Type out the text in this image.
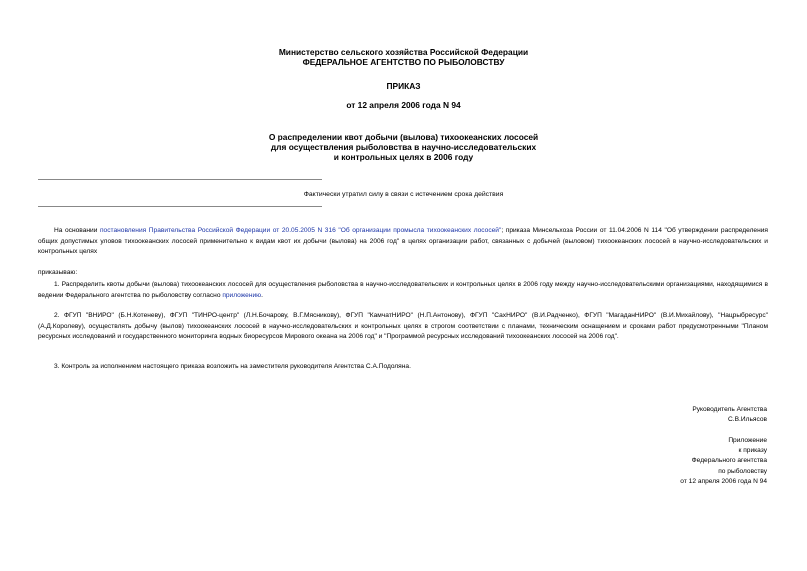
Министерство сельского хозяйства Российской Федерации
ФЕДЕРАЛЬНОЕ АГЕНТСТВО ПО РЫБОЛОВСТВУ
ПРИКАЗ
от 12 апреля 2006 года N 94
О распределении квот добычи (вылова) тихоокеанских лососей
для осуществления рыболовства в научно-исследовательских
и контрольных целях в 2006 году
Фактически утратил силу в связи с истечением срока действия
На основании постановления Правительства Российской Федерации от 20.05.2005 N 316 "Об организации промысла тихоокеанских лососей"; приказа Минсельхоза России от 11.04.2006 N 114 "Об утверждении распределения общих допустимых уловов тихоокеанских лососей применительно к видам квот их добычи (вылова) на 2006 год" в целях организации работ, связанных с добычей (выловом) тихоокеанских лососей в научно-исследовательских и контрольных целях
приказываю:
1. Распределить квоты добычи (вылова) тихоокеанских лососей для осуществления рыболовства в научно-исследовательских и контрольных целях в 2006 году между научно-исследовательскими организациями, находящимися в ведении Федерального агентства по рыболовству согласно приложению.
2. ФГУП "ВНИРО" (Б.Н.Котеневу), ФГУП "ТИНРО-центр" (Л.Н.Бочарову, В.Г.Мясникову), ФГУП "КамчатНИРО" (Н.П.Антонову), ФГУП "СахНИРО" (В.И.Радченко), ФГУП "МагаданНИРО" (В.И.Михайлову), "Нацрыбресурс" (А.Д.Королеву), осуществлять добычу (вылов) тихоокеанских лососей в научно-исследовательских и контрольных целях в строгом соответствии с планами, техническим оснащением и сроками работ предусмотренными "Планом ресурсных исследований и государственного мониторинга водных биоресурсов Мирового океана на 2006 год" и "Программой ресурсных исследований тихоокеанских лососей на 2006 год".
3. Контроль за исполнением настоящего приказа возложить на заместителя руководителя Агентства С.А.Подоляна.
Руководитель Агентства
С.В.Ильясов
Приложение
к приказу
Федерального агентства
по рыболовству
от 12 апреля 2006 года N 94
